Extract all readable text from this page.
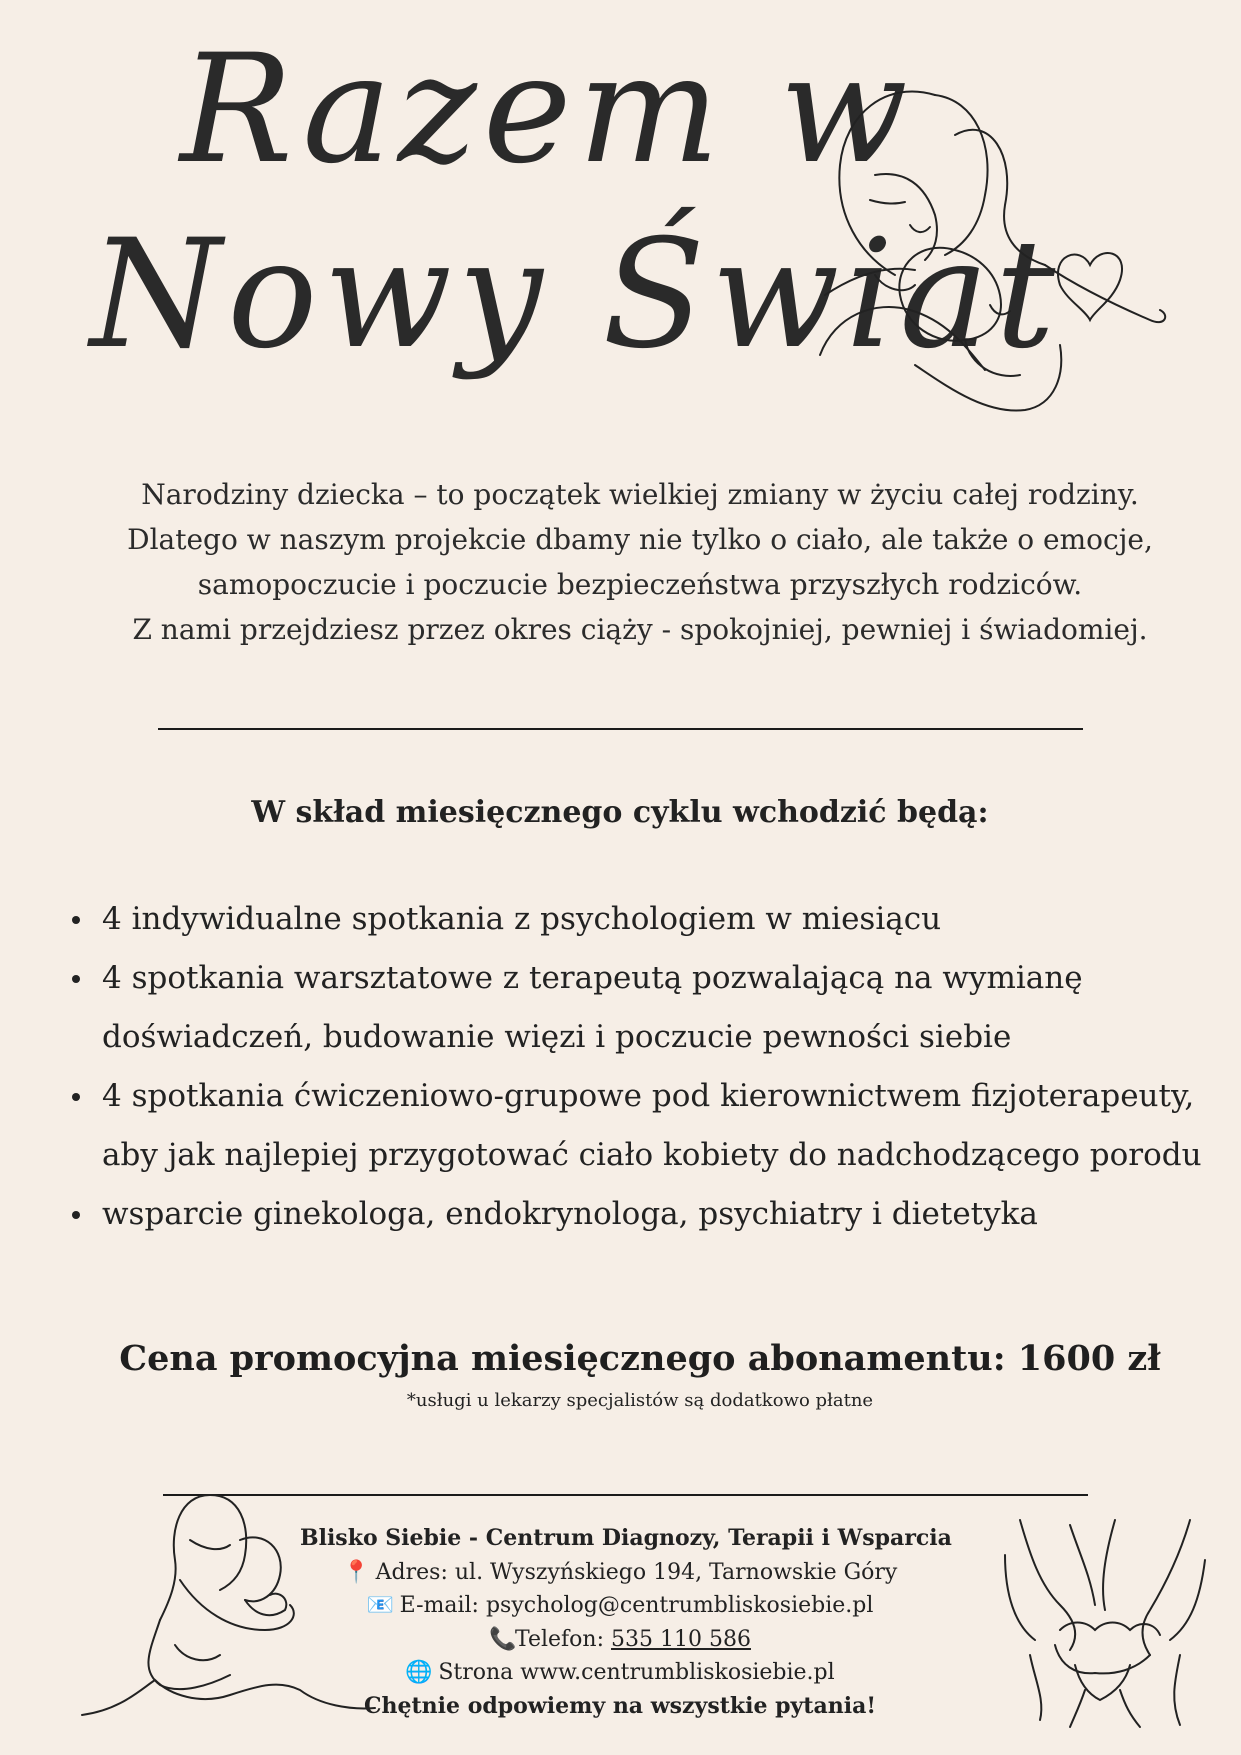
Razem w
Nowy Świat
Narodziny dziecka – to początek wielkiej zmiany w życiu całej rodziny.
Dlatego w naszym projekcie dbamy nie tylko o ciało, ale także o emocje,
samopoczucie i poczucie bezpieczeństwa przyszłych rodziców.
Z nami przejdziesz przez okres ciąży - spokojniej, pewniej i świadomiej.
W skład miesięcznego cyklu wchodzić będą:
4 indywidualne spotkania z psychologiem w miesiącu
4 spotkania warsztatowe z terapeutą pozwalającą na wymianę
doświadczeń, budowanie więzi i poczucie pewności siebie
4 spotkania ćwiczeniowo-grupowe pod kierownictwem fizjoterapeuty,
aby jak najlepiej przygotować ciało kobiety do nadchodzącego porodu
wsparcie ginekologa, endokrynologa, psychiatry i dietetyka
Cena promocyjna miesięcznego abonamentu: 1600 zł
*usługi u lekarzy specjalistów są dodatkowo płatne
Blisko Siebie - Centrum Diagnozy, Terapii i Wsparcia
📍 Adres: ul. Wyszyńskiego 194, Tarnowskie Góry
📧 E-mail: psycholog@centrumbliskosiebie.pl
📞Telefon: 535 110 586
🌐 Strona www.centrumbliskosiebie.pl
Chętnie odpowiemy na wszystkie pytania!
